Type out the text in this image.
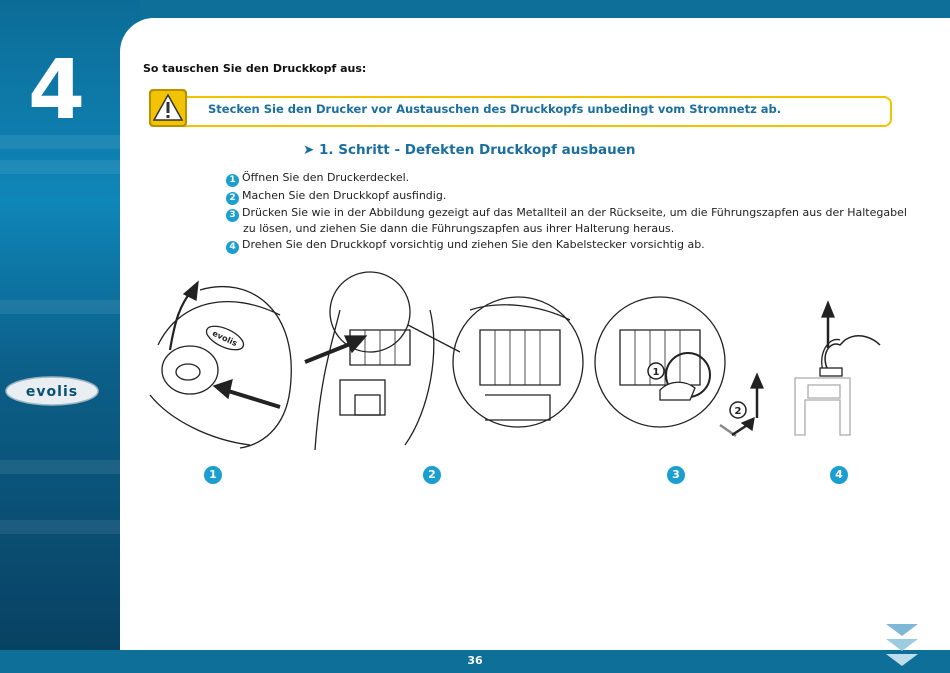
4
evolis
So tauschen Sie den Druckkopf aus:
Stecken Sie den Drucker vor Austauschen des Druckkopfs unbedingt vom Stromnetz ab.
➤ 1. Schritt - Defekten Druckkopf ausbauen
1 Öffnen Sie den Druckerdeckel.
2 Machen Sie den Druckkopf ausfindig.
3 Drücken Sie wie in der Abbildung gezeigt auf das Metallteil an der Rückseite, um die Führungszapfen aus der Haltegabel
zu lösen, und ziehen Sie dann die Führungszapfen aus ihrer Halterung heraus.
4 Drehen Sie den Druckkopf vorsichtig und ziehen Sie den Kabelstecker vorsichtig ab.
evolis
1
2
1	2	3	4
36
